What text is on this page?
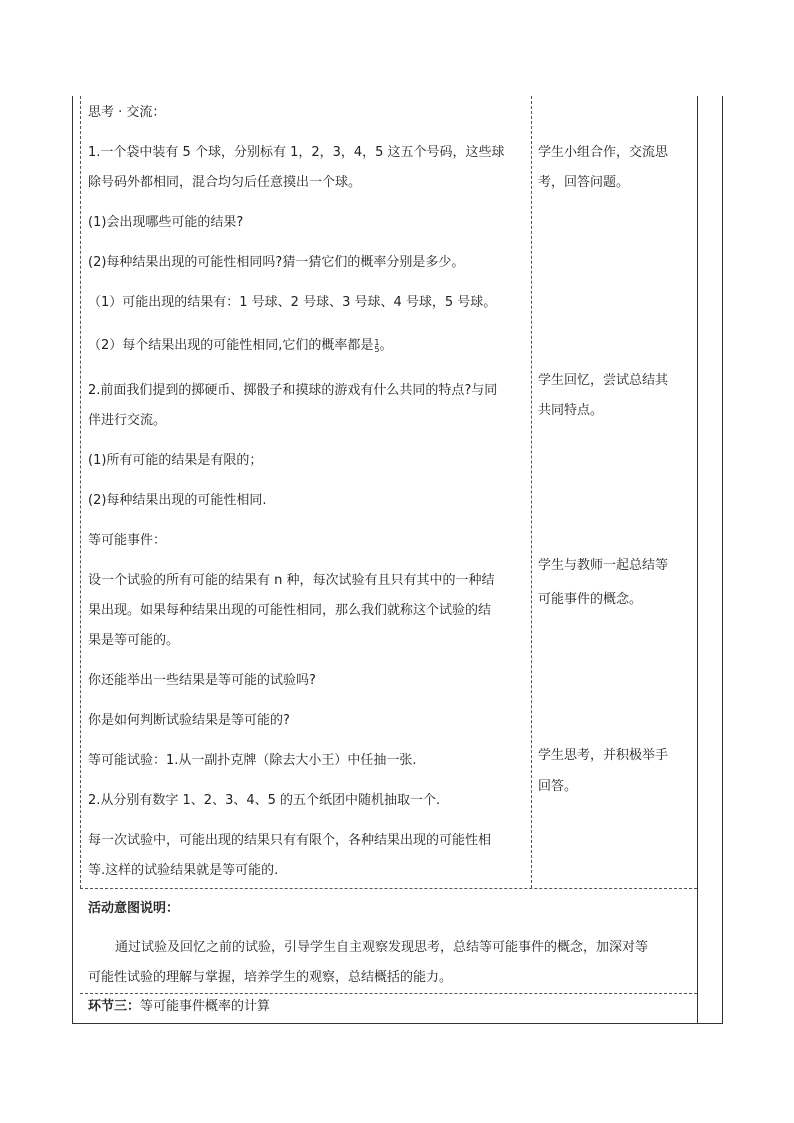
思考 · 交流：
1.一个袋中装有 5 个球，分别标有 1，2，3，4，5 这五个号码，这些球
除号码外都相同，混合均匀后任意摸出一个球。
(1)会出现哪些可能的结果?
(2)每种结果出现的可能性相同吗?猜一猜它们的概率分别是多少。
（1）可能出现的结果有：1 号球、2 号球、3 号球、4 号球，5 号球。
（2）每个结果出现的可能性相同,它们的概率都是 1
5 。
2.前面我们提到的掷硬币、掷骰子和摸球的游戏有什么共同的特点?与同
伴进行交流。
(1)所有可能的结果是有限的；
(2)每种结果出现的可能性相同.
等可能事件：
设一个试验的所有可能的结果有 n 种，每次试验有且只有其中的一种结
果出现。如果每种结果出现的可能性相同，那么我们就称这个试验的结
果是等可能的。
你还能举出一些结果是等可能的试验吗?
你是如何判断试验结果是等可能的?
等可能试验：1.从一副扑克牌（除去大小王）中任抽一张.
2.从分别有数字 1、2、3、4、5 的五个纸团中随机抽取一个.
每一次试验中，可能出现的结果只有有限个，各种结果出现的可能性相
等.这样的试验结果就是等可能的.
学生小组合作，交流思
考，回答问题。
学生回忆，尝试总结其
共同特点。
学生与教师一起总结等
可能事件的概念。
学生思考，并积极举手
回答。
活动意图说明：
通过试验及回忆之前的试验，引导学生自主观察发现思考，总结等可能事件的概念，加深对等
可能性试验的理解与掌握，培养学生的观察，总结概括的能力。
环节三：等可能事件概率的计算
